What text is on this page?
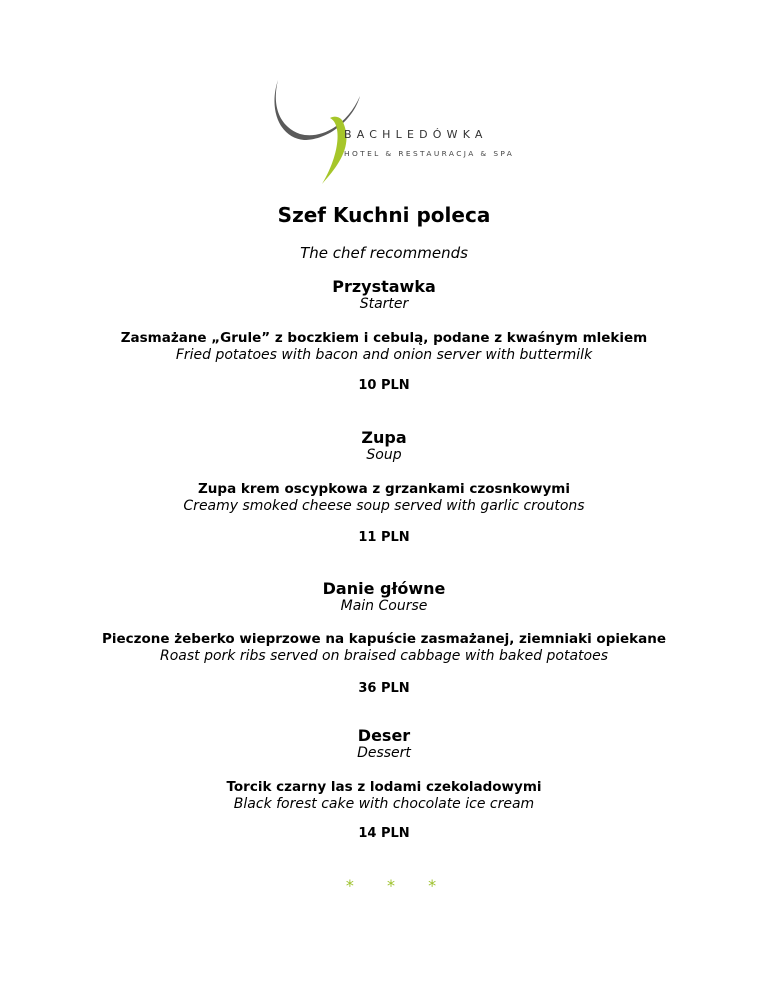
BACHLEDÓWKA
HOTEL & RESTAURACJA & SPA
Szef Kuchni poleca
The chef recommends
Przystawka
Starter
Zasmażane „Grule” z boczkiem i cebulą, podane z kwaśnym mlekiem
Fried potatoes with bacon and onion server with buttermilk
10 PLN
Zupa
Soup
Zupa krem oscypkowa z grzankami czosnkowymi
Creamy smoked cheese soup served with garlic croutons
11 PLN
Danie główne
Main Course
Pieczone żeberko wieprzowe na kapuście zasmażanej, ziemniaki opiekane
Roast pork ribs served on braised cabbage with baked potatoes
36 PLN
Deser
Dessert
Torcik czarny las z lodami czekoladowymi
Black forest cake with chocolate ice cream
14 PLN
* * *
